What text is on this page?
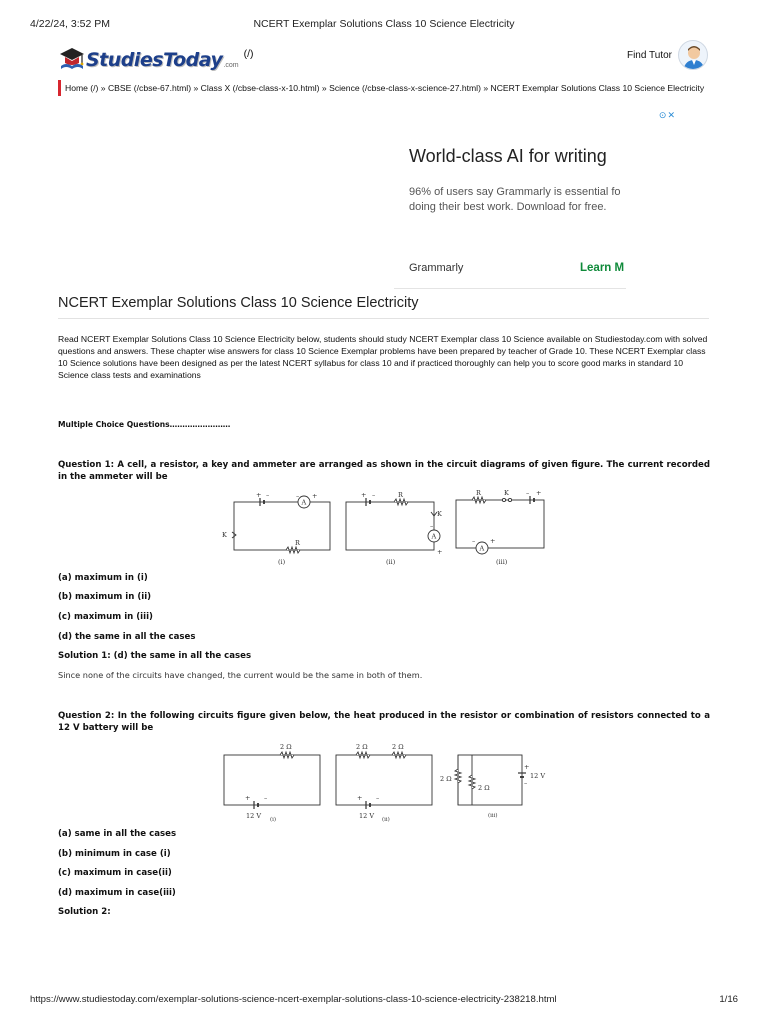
4/22/24, 3:52 PM	NCERT Exemplar Solutions Class 10 Science Electricity
StudiesToday .com
(/)	Find Tutor
Home (/) » CBSE (/cbse-67.html) » Class X (/cbse-class-x-10.html) » Science (/cbse-class-x-science-27.html) » NCERT Exemplar Solutions Class 10 Science Electricity
⊙✕
World-class AI for writing
96% of users say Grammarly is essential fo
doing their best work. Download for free.
Grammarly	Learn M
NCERT Exemplar Solutions Class 10 Science Electricity

Read NCERT Exemplar Solutions Class 10 Science Electricity below, students should study NCERT Exemplar class 10 Science available on Studiestoday.com with solved questions and answers. These chapter wise answers for class 10 Science Exemplar problems have been prepared by teacher of Grade 10. These NCERT Exemplar class 10 Science solutions have been designed as per the latest NCERT syllabus for class 10 and if practiced thoroughly can help you to score good marks in standard 10 Science class tests and examinations

Multiple Choice Questions……………………
Question 1: A cell, a resistor, a key and ammeter are arranged as shown in the circuit diagrams of given figure. The current recorded in the ammeter will be
+ –
A
+
–
R
K
(i)
+ –	R
K
A
+
–
(ii)
R	K	– +
A
– +
(iii)
(a) maximum in (i)
(b) maximum in (ii)
(c) maximum in (iii)
(d) the same in all the cases
Solution 1: (d) the same in all the cases
Since none of the circuits have changed, the current would be the same in both of them.
Question 2: In the following circuits figure given below, the heat produced in the resistor or combination of resistors connected to a 12 V battery will be
2 Ω
+ –
12 V (i)
2 Ω	2 Ω
+ –
12 V (ii)
2 Ω
2 Ω
+
–
12 V
(iii)
(a) same in all the cases
(b) minimum in case (i)
(c) maximum in case(ii)
(d) maximum in case(iii)
Solution 2:
https://www.studiestoday.com/exemplar-solutions-science-ncert-exemplar-solutions-class-10-science-electricity-238218.html	1/16
